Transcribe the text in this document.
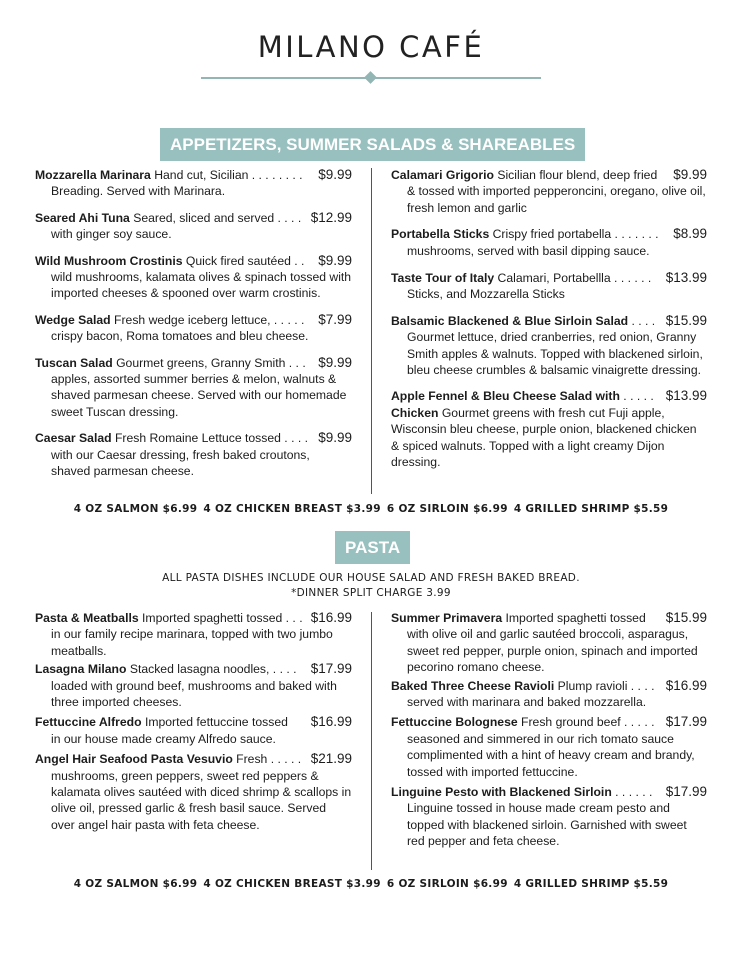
MILANO CAFÉ
APPETIZERS, SUMMER SALADS & SHAREABLES
Mozzarella Marinara Hand cut, Sicilian . . . . . . . .	$9.99
Breading. Served with Marinara.
Seared Ahi Tuna Seared, sliced and served . . . . $12.99
with ginger soy sauce.
Wild Mushroom Crostinis Quick fired sautéed . .	$9.99
wild mushrooms, kalamata olives & spinach tossed with imported cheeses & spooned over warm crostinis.
Wedge Salad Fresh wedge iceberg lettuce, . . . . .	$7.99
crispy bacon, Roma tomatoes and bleu cheese.
Tuscan Salad Gourmet greens, Granny Smith . . . $9.99
apples, assorted summer berries & melon, walnuts & shaved parmesan cheese. Served with our homemade sweet Tuscan dressing.
Caesar Salad Fresh Romaine Lettuce tossed . . . . $9.99
with our Caesar dressing, fresh baked croutons, shaved parmesan cheese.
Calamari Grigorio Sicilian flour blend, deep fried	$9.99
& tossed with imported pepperoncini, oregano, olive oil, fresh lemon and garlic
Portabella Sticks Crispy fried portabella . . . . . . .	$8.99
mushrooms, served with basil dipping sauce.
Taste Tour of Italy Calamari, Portabellla . . . . . .	$13.99
Sticks, and Mozzarella Sticks
Balsamic Blackened & Blue Sirloin Salad . . . . $15.99
Gourmet lettuce, dried cranberries, red onion, Granny Smith apples & walnuts. Topped with blackened sirloin, bleu cheese crumbles & balsamic vinaigrette dressing.
Apple Fennel & Bleu Cheese Salad with . . . . . $13.99
Chicken Gourmet greens with fresh cut Fuji apple, Wisconsin bleu cheese, purple onion, blackened chicken & spiced walnuts. Topped with a light creamy Dijon dressing.
4 OZ SALMON $6.99 4 OZ CHICKEN BREAST $3.99 6 OZ SIRLOIN $6.99 4 GRILLED SHRIMP $5.59
PASTA
ALL PASTA DISHES INCLUDE OUR HOUSE SALAD AND FRESH BAKED BREAD.
*DINNER SPLIT CHARGE 3.99
Pasta & Meatballs Imported spaghetti tossed . . . $16.99
in our family recipe marinara, topped with two jumbo meatballs.
Lasagna Milano Stacked lasagna noodles, . . . .	$17.99
loaded with ground beef, mushrooms and baked with three imported cheeses.
Fettuccine Alfredo Imported fettuccine tossed	$16.99
in our house made creamy Alfredo sauce.
Angel Hair Seafood Pasta Vesuvio Fresh . . . . . $21.99
mushrooms, green peppers, sweet red peppers & kalamata olives sautéed with diced shrimp & scallops in olive oil, pressed garlic & fresh basil sauce. Served over angel hair pasta with feta cheese.
Summer Primavera Imported spaghetti tossed	$15.99
with olive oil and garlic sautéed broccoli, asparagus, sweet red pepper, purple onion, spinach and imported pecorino romano cheese.
Baked Three Cheese Ravioli Plump ravioli . . . . $16.99
served with marinara and baked mozzarella.
Fettuccine Bolognese Fresh ground beef . . . . . $17.99
seasoned and simmered in our rich tomato sauce complimented with a hint of heavy cream and brandy, tossed with imported fettuccine.
Linguine Pesto with Blackened Sirloin . . . . . . $17.99
Linguine tossed in house made cream pesto and topped with blackened sirloin. Garnished with sweet red pepper and feta cheese.
4 OZ SALMON $6.99 4 OZ CHICKEN BREAST $3.99 6 OZ SIRLOIN $6.99 4 GRILLED SHRIMP $5.59
